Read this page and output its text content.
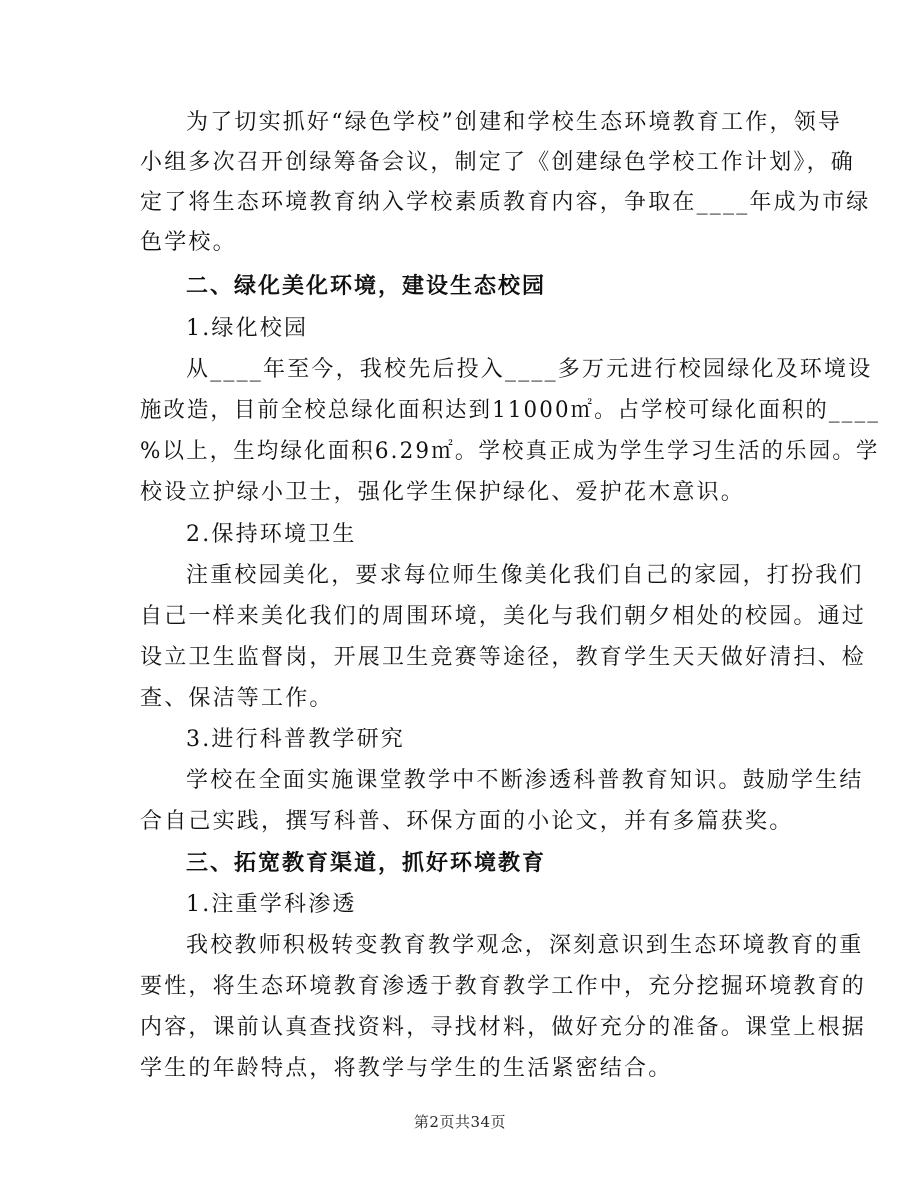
为了切实抓好“绿色学校”创建和学校生态环境教育工作，领导
小组多次召开创绿筹备会议，制定了《创建绿色学校工作计划》，确
定了将生态环境教育纳入学校素质教育内容，争取在____年成为市绿
色学校。
二、绿化美化环境，建设生态校园
1.绿化校园
从____年至今，我校先后投入____多万元进行校园绿化及环境设
施改造，目前全校总绿化面积达到11000㎡。占学校可绿化面积的____
%以上，生均绿化面积6.29㎡。学校真正成为学生学习生活的乐园。学
校设立护绿小卫士，强化学生保护绿化、爱护花木意识。
2.保持环境卫生
注重校园美化，要求每位师生像美化我们自己的家园，打扮我们
自己一样来美化我们的周围环境，美化与我们朝夕相处的校园。通过
设立卫生监督岗，开展卫生竞赛等途径，教育学生天天做好清扫、检
查、保洁等工作。
3.进行科普教学研究
学校在全面实施课堂教学中不断渗透科普教育知识。鼓励学生结
合自己实践，撰写科普、环保方面的小论文，并有多篇获奖。
三、拓宽教育渠道，抓好环境教育
1.注重学科渗透
我校教师积极转变教育教学观念，深刻意识到生态环境教育的重
要性，将生态环境教育渗透于教育教学工作中，充分挖掘环境教育的
内容，课前认真查找资料，寻找材料，做好充分的准备。课堂上根据
学生的年龄特点，将教学与学生的生活紧密结合。
第2页共34页
